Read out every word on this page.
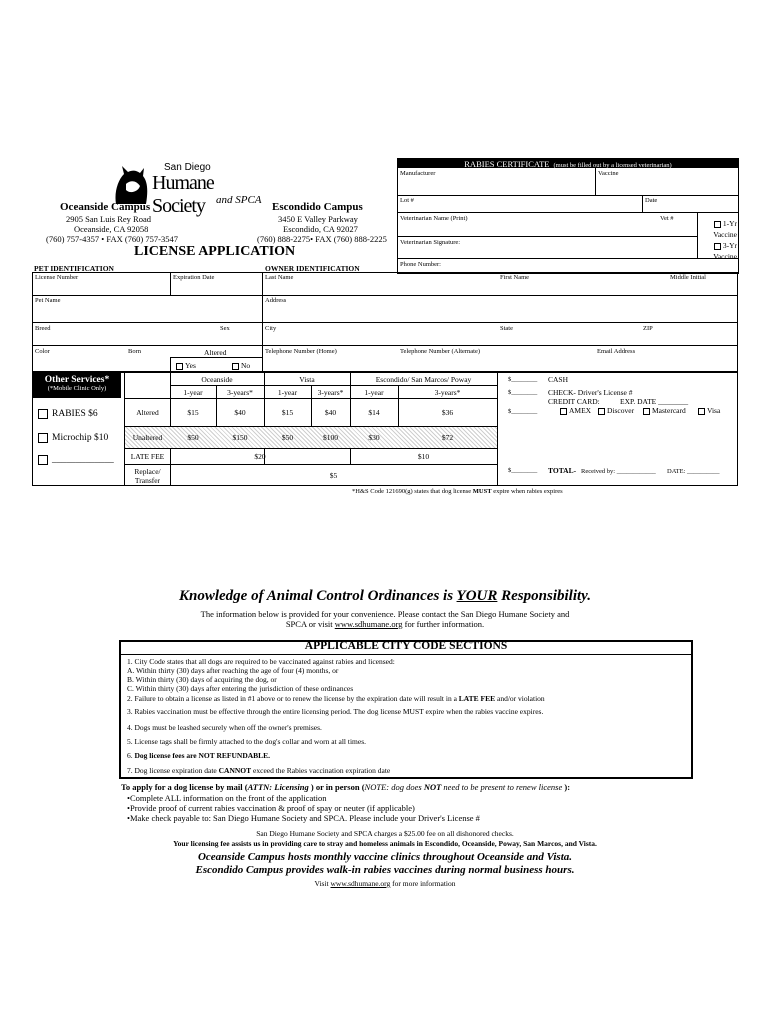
San Diego
Humane Society	and SPCA
Oceanside Campus
2905 San Luis Rey Road
Oceanside, CA 92058
(760) 757-4357 • FAX (760) 757-3547
Escondido Campus
3450 E Valley Parkway
Escondido, CA 92027
(760) 888-2275• FAX (760) 888-2225
LICENSE APPLICATION
RABIES CERTIFICATE (must be filled out by a licensed veterinarian)
Manufacturer	Vaccine
Lot #	Date
Veterinarian Name (Print)	Vet #
Veterinarian Signature:
1-Yr
Vaccine
3-Yr
Vaccine
Phone Number:
PET IDENTIFICATION	OWNER IDENTIFICATION
License Number	Expiration Date
Pet Name
Breed	Sex
Color	Born	Altered
Yes	No
Last Name	First Name	Middle Initial
Address
City	State	ZIP
Telephone Number (Home)	Telephone Number (Alternate)	Email Address
Other Services*
(*Mobile Clinic Only)
RABIES $6
Microchip $10
_____________
Oceanside	Vista	Escondido/ San Marcos/ Poway
1-year	3-years*	1-year	3-years*	1-year	3-years*
Altered	$15	$40	$15	$40	$14	$36
Unaltered	$50	$150	$50	$100	$30	$72
LATE FEE	$20	$10
Replace/
Transfer	$5
*H&S Code 121690(g) states that dog license MUST expire when rabies expires
$________ CASH
$________ CHECK- Driver's License #
CREDIT CARD:	EXP. DATE ________
$________	AMEX	Discover	Mastercard	Visa
$________ TOTAL- Received by: ____________ DATE: __________
Knowledge of Animal Control Ordinances is YOUR Responsibility.
The information below is provided for your convenience. Please contact the San Diego Humane Society and
SPCA or visit www.sdhumane.org for further information.
APPLICABLE CITY CODE SECTIONS
1. City Code states that all dogs are required to be vaccinated against rabies and licensed:
A. Within thirty (30) days after reaching the age of four (4) months, or
B. Within thirty (30) days of acquiring the dog, or
C. Within thirty (30) days after entering the jurisdiction of these ordinances
2. Failure to obtain a license as listed in #1 above or to renew the license by the expiration date will result in a LATE FEE and/or violation
3. Rabies vaccination must be effective through the entire licensing period. The dog license MUST expire when the rabies vaccine expires.
4. Dogs must be leashed securely when off the owner's premises.
5. License tags shall be firmly attached to the dog's collar and worn at all times.
6. Dog license fees are NOT REFUNDABLE.
7. Dog license expiration date CANNOT exceed the Rabies vaccination expiration date
To apply for a dog license by mail (ATTN: Licensing ) or in person (NOTE: dog does NOT need to be present to renew license ):
•Complete ALL information on the front of the application
•Provide proof of current rabies vaccination & proof of spay or neuter (if applicable)
•Make check payable to: San Diego Humane Society and SPCA. Please include your Driver's License #
San Diego Humane Society and SPCA charges a $25.00 fee on all dishonored checks.
Your licensing fee assists us in providing care to stray and homeless animals in Escondido, Oceanside, Poway, San Marcos, and Vista.
Oceanside Campus hosts monthly vaccine clinics throughout Oceanside and Vista.
Escondido Campus provides walk-in rabies vaccines during normal business hours.
Visit www.sdhumane.org for more information
